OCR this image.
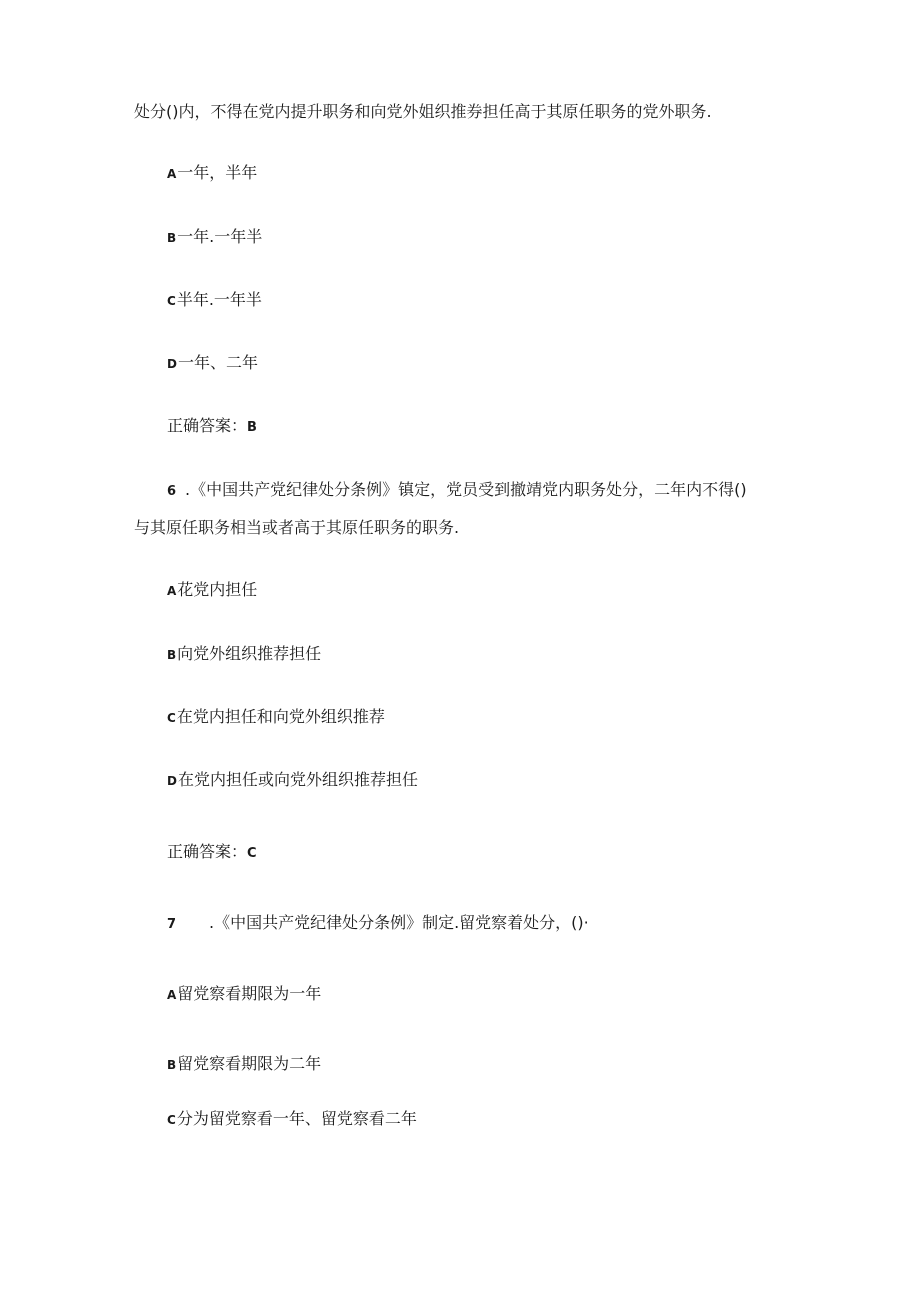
处分()内，不得在党内提升职务和向党外姐织推券担任高于其原任职务的党外职务.
A一年，半年
B一年.一年半
C半年.一年半
D一年、二年
正确答案：B
6 .《中国共产党纪律处分条例》镇定，党员受到撤靖党内职务处分，二年内不得()
与其原任职务相当或者高于其原任职务的职务.
A花党内担任
B向党外组织推荐担任
C在党内担任和向党外组织推荐
D在党内担任或向党外组织推荐担任
正确答案：C
7 .《中国共产党纪律处分条例》制定.留党察着处分，()·
A留党察看期限为一年
B留党察看期限为二年
C分为留党察看一年、留党察看二年
